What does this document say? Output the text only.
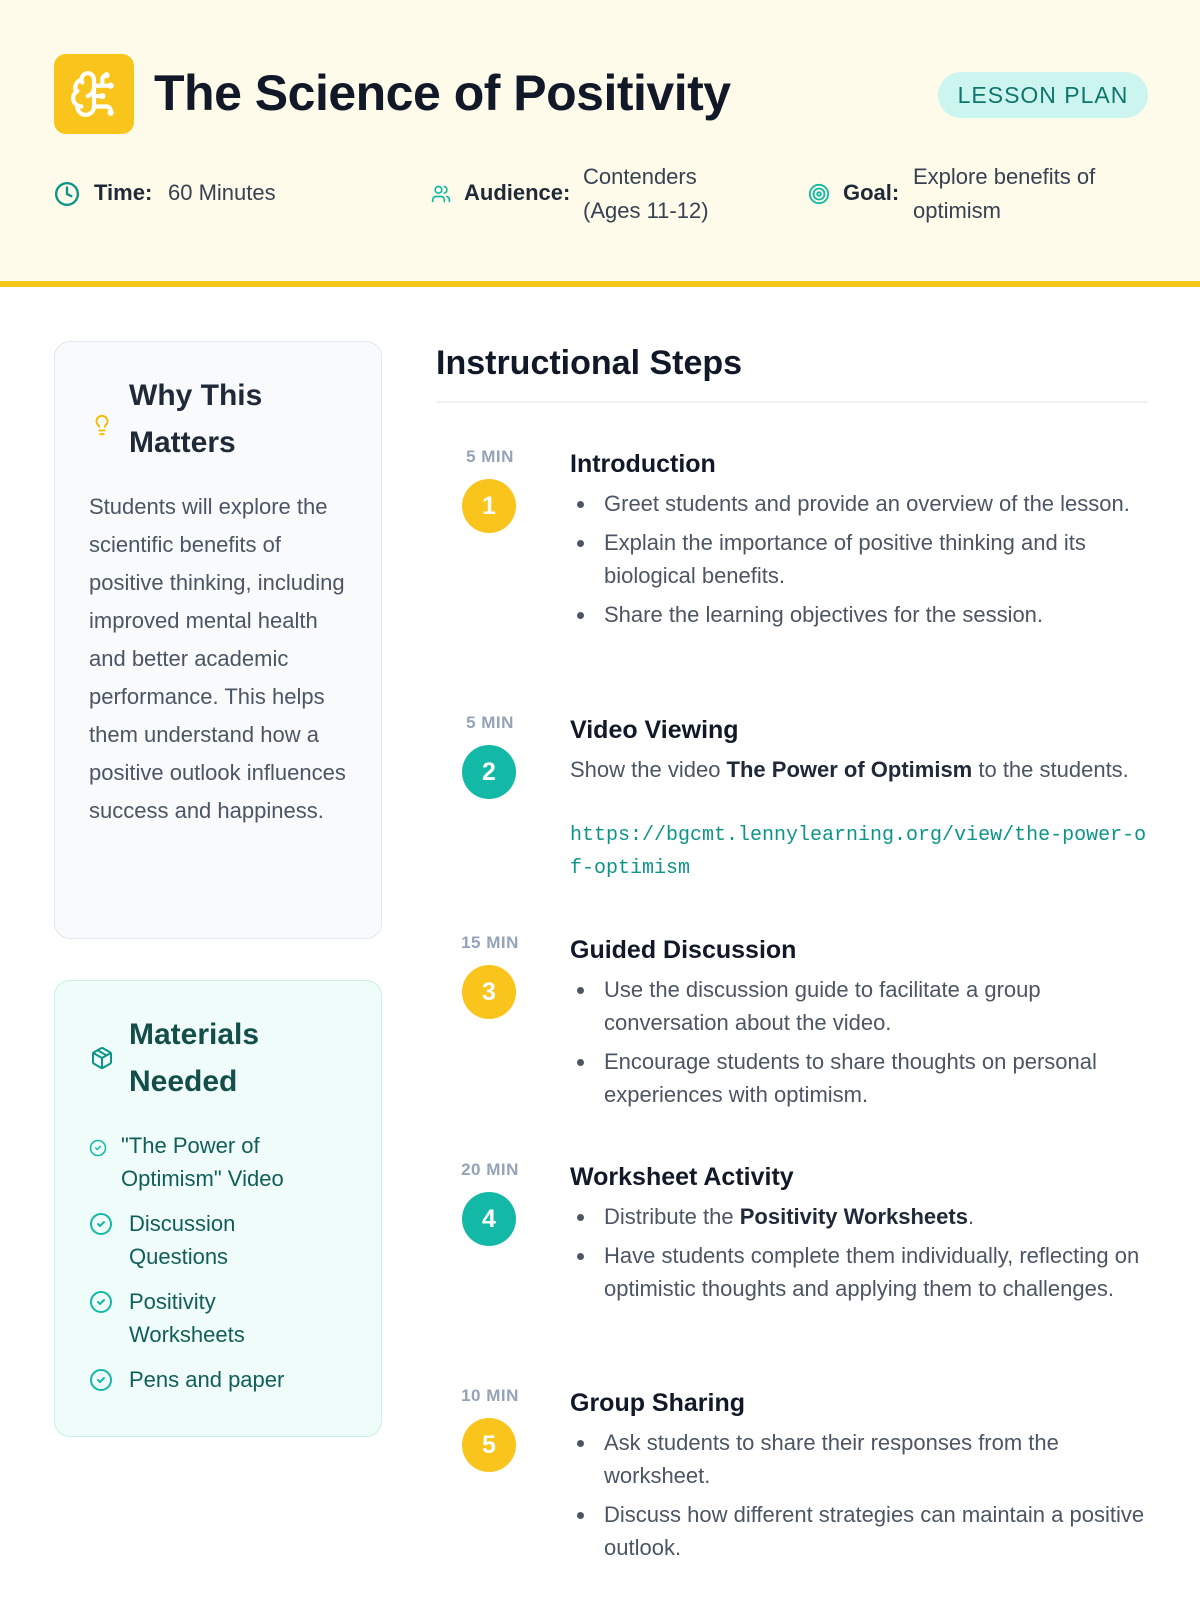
The Science of Positivity	LESSON PLAN
Time: 60 Minutes	Audience:
Contenders
(Ages 11-12)
Goal:
Explore benefits of
optimism
Why This Matters
Students will explore the scientific benefits of positive thinking, including improved mental health and better academic performance. This helps them understand how a positive outlook influences success and happiness.
Materials Needed
"The Power of Optimism" Video
Discussion Questions
Positivity Worksheets
Pens and paper
Instructional Steps
5 MIN
1
Introduction
Greet students and provide an overview of the lesson.
Explain the importance of positive thinking and its biological benefits.
Share the learning objectives for the session.
5 MIN
2
Video Viewing
Show the video The Power of Optimism to the students.
https://bgcmt.lennylearning.org/view/the-power-of-optimism
15 MIN
3
Guided Discussion
Use the discussion guide to facilitate a group conversation about the video.
Encourage students to share thoughts on personal experiences with optimism.
20 MIN
4
Worksheet Activity
Distribute the Positivity Worksheets.
Have students complete them individually, reflecting on optimistic thoughts and applying them to challenges.
10 MIN
5
Group Sharing
Ask students to share their responses from the worksheet.
Discuss how different strategies can maintain a positive outlook.
